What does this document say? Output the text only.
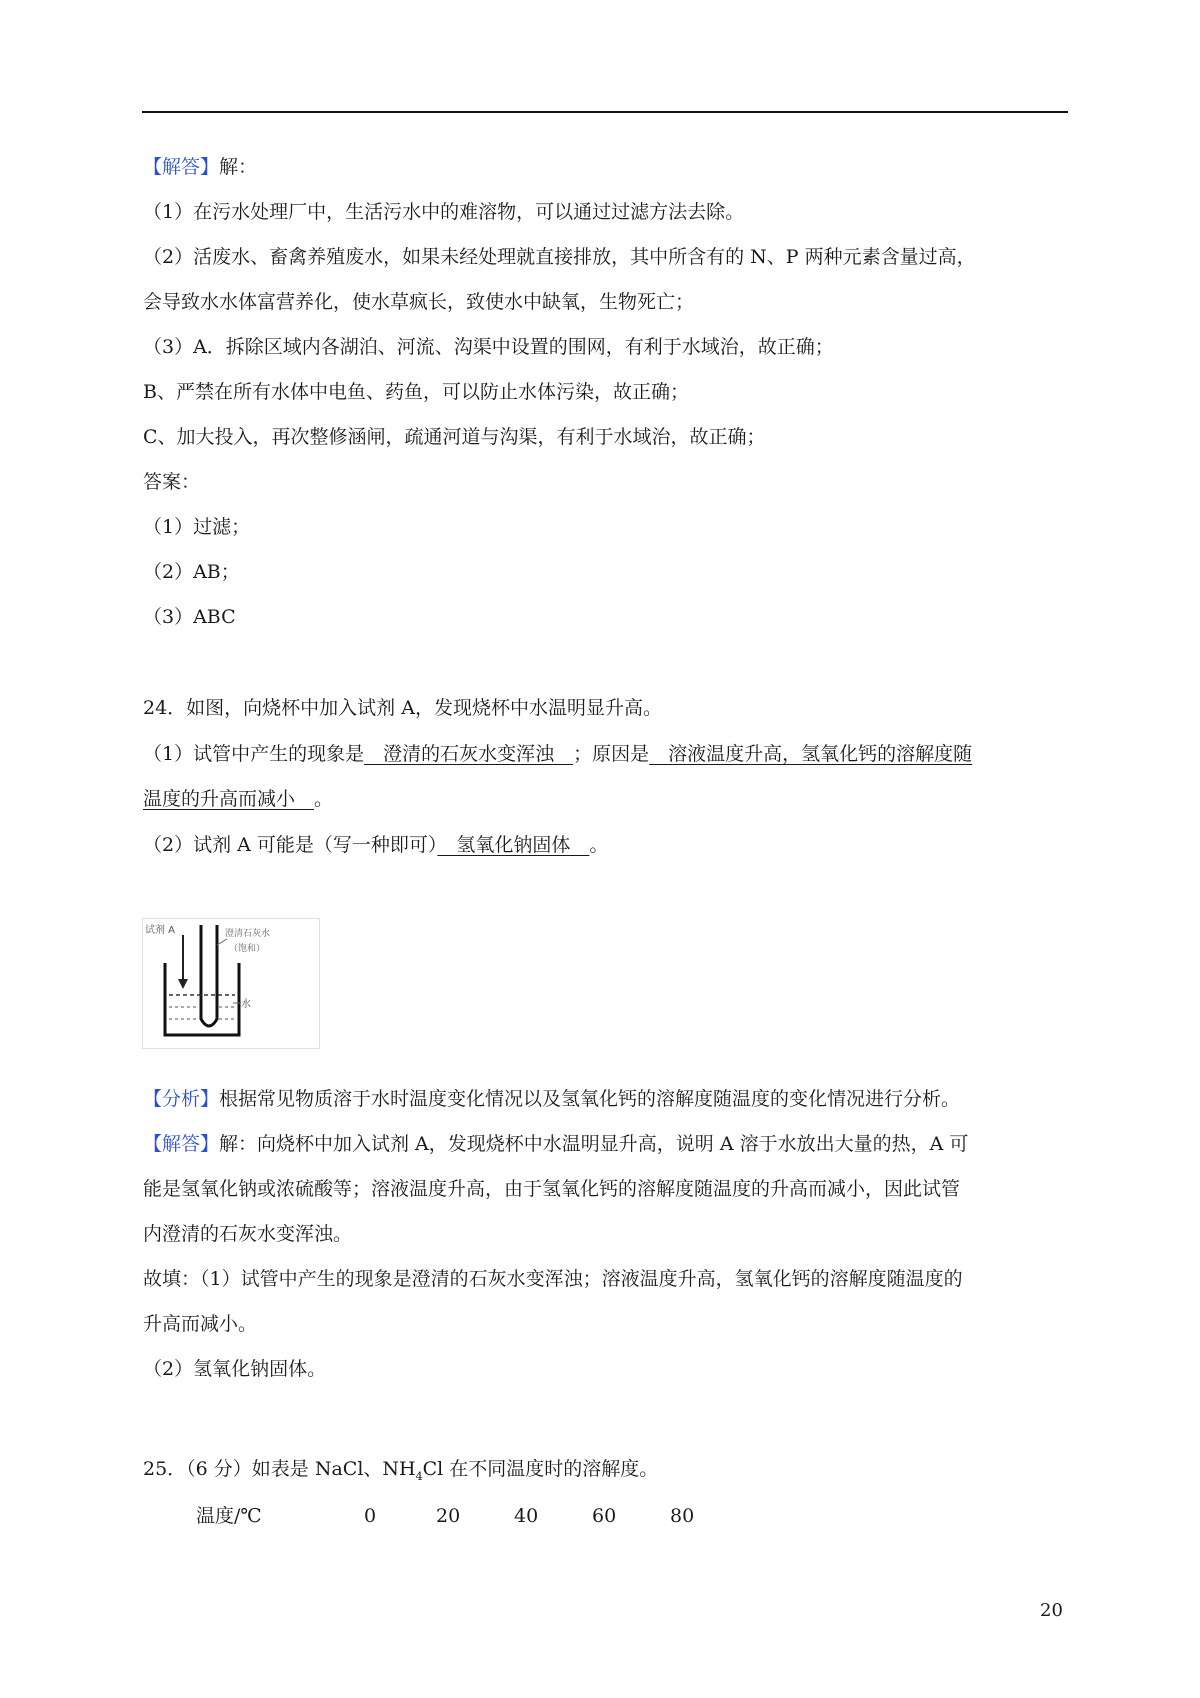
【解答】解：
（1）在污水处理厂中，生活污水中的难溶物，可以通过过滤方法去除。
（2）活废水、畜禽养殖废水，如果未经处理就直接排放，其中所含有的 N、P 两种元素含量过高，
会导致水水体富营养化，使水草疯长，致使水中缺氧，生物死亡；
（3）A．拆除区域内各湖泊、河流、沟渠中设置的围网，有利于水域治，故正确；
B、严禁在所有水体中电鱼、药鱼，可以防止水体污染，故正确；
C、加大投入，再次整修涵闸，疏通河道与沟渠，有利于水域治，故正确；
答案：
（1）过滤；
（2）AB；
（3）ABC
24．如图，向烧杯中加入试剂 A，发现烧杯中水温明显升高。
（1）试管中产生的现象是　澄清的石灰水变浑浊　；原因是　溶液温度升高，氢氧化钙的溶解度随
温度的升高而减小　。
（2）试剂 A 可能是（写一种即可）　氢氧化钠固体　。
试剂 A	澄清石灰水
（饱和）
水
【分析】根据常见物质溶于水时温度变化情况以及氢氧化钙的溶解度随温度的变化情况进行分析。
【解答】解：向烧杯中加入试剂 A，发现烧杯中水温明显升高，说明 A 溶于水放出大量的热，A 可
能是氢氧化钠或浓硫酸等；溶液温度升高，由于氢氧化钙的溶解度随温度的升高而减小，因此试管
内澄清的石灰水变浑浊。
故填：（1）试管中产生的现象是澄清的石灰水变浑浊；溶液温度升高，氢氧化钙的溶解度随温度的
升高而减小。
（2）氢氧化钠固体。
25．（6 分）如表是 NaCl、$NH_4Cl$ 在不同温度时的溶解度。
温度/℃	0	20	40	60	80
20
